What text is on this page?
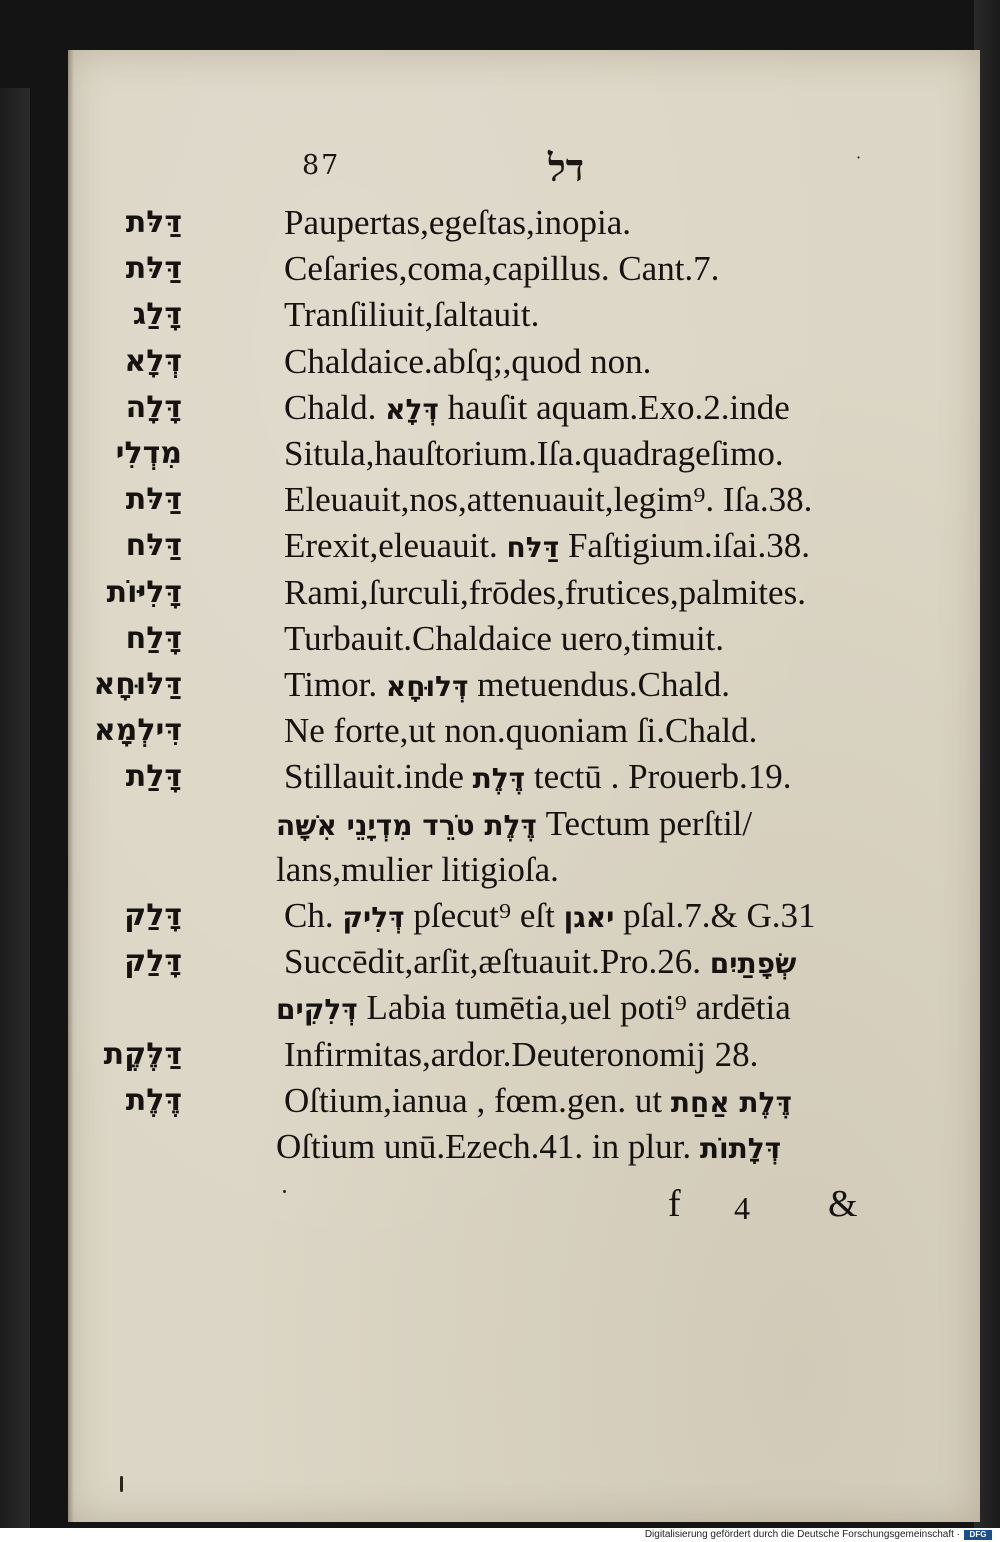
87	דל	·
דַּלּת	Paupertas,egeſtas,inopia.
דַּלּת	Ceſaries,coma,capillus. Cant.7.
דָּלַג	Tranſiliuit,ſaltauit.
דְּלָא	Chaldaice.abſq;,quod non.
דָּלָה	Chald. דְּלָא hauſit aquam.Exo.2.inde
מִדְלִי	Situla,hauſtorium.Iſa.quadrageſimo.
דַּלּת	Eleuauit,nos,attenuauit,legim⁹. Iſa.38.
דַּלּח	Erexit,eleuauit. דַּלּח Faſtigium.iſai.38.
דָּלִיּוֹת	Rami,ſurculi,frōdes,frutices,palmites.
דָּלַח	Turbauit.Chaldaice uero,timuit.
דַּלּוּחָא	Timor. דְּלוּחָא metuendus.Chald.
דִּילְמָא	Ne forte,ut non.quoniam ſi.Chald.
דָּלַת	Stillauit.inde דֶּלֶת tectū . Prouerb.19.
דֶּלֶת טֹרֵד מִדְיָנֵי אִשָּׁה Tectum perſtil/
lans,mulier litigioſa.
דָּלַק	Ch. דְּלִיק pſecut⁹ eſt יאגן pſal.7.& G.31
דָּלַק	Succēdit,arſit,æſtuauit.Pro.26. שְׂפָתַיִם
דְּלִקִים Labia tumētia,uel poti⁹ ardētia
דַּלֶּקֶת	Infirmitas,ardor.Deuteronomij 28.
דֶּלֶת	Oſtium,ianua , fœm.gen. ut דֶּלֶת אַחַת
Oſtium unū.Ezech.41. in plur. דְּלָתוֹת
f 4 &
Digitalisierung gefördert durch die Deutsche Forschungsgemeinschaft ·	DFG
